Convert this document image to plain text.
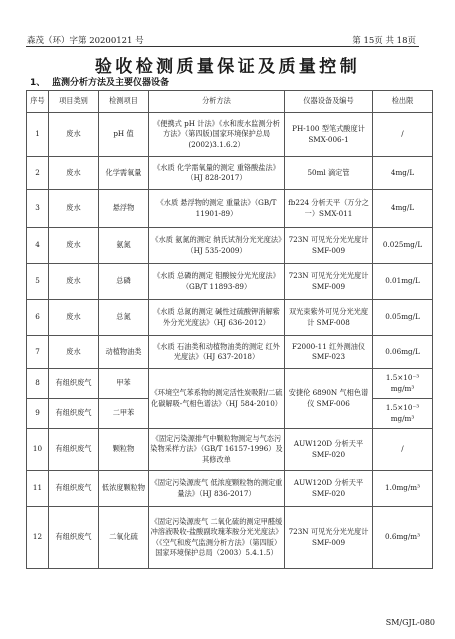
森茂（环）字第 20200121 号	第 15页 共 18页
验收检测质量保证及质量控制
1、 监测分析方法及主要仪器设备
序号	项目类别	检测项目	分析方法	仪器设备及编号	检出限
1	废水	pH 值	《便携式 pH 计法》《水和废水监测分析方法》（第四版)国家环境保护总局(2002)3.1.6.2）	PH-100 型笔式酸度计 SMX-006-1	/
2	废水	化学需氧量	《水质 化学需氧量的测定 重铬酸盐法》（HJ 828-2017）	50ml 滴定管	4mg/L
3	废水	悬浮物	《水质 悬浮物的测定 重量法》（GB/T 11901-89）	fb224 分析天平（万分之一）SMX-011	4mg/L
4	废水	氨氮	《水质 氨氮的测定 纳氏试剂分光光度法》（HJ 535-2009）	723N 可见光分光光度计 SMF-009	0.025mg/L
5	废水	总磷	《水质 总磷的测定 钼酸铵分光光度法》（GB/T 11893-89）	723N 可见光分光光度计 SMF-009	0.01mg/L
6	废水	总氮	《水质 总氮的测定 碱性过硫酸钾消解紫外分光光度法》（HJ 636-2012）	双光束紫外可见分光光度计 SMF-008	0.05mg/L
7	废水	动植物油类	《水质 石油类和动植物油类的测定 红外光度法》（HJ 637-2018）	F2000-11 红外测油仪 SMF-023	0.06mg/L
8	有组织废气	甲苯	《环境空气苯系物的测定活性炭吸附/二硫化碳解吸-气相色谱法》（HJ 584-2010）	安捷伦 6890N 气相色谱仪 SMF-006	1.5×10⁻³ mg/m³
9	有组织废气	二甲苯			1.5×10⁻³ mg/m³
10	有组织废气	颗粒物	《固定污染源排气中颗粒物测定与气态污染物采样方法》（GB/T 16157-1996）及其修改单	AUW120D 分析天平 SMF-020	/
11	有组织废气	低浓度颗粒物	《固定污染源废气 低浓度颗粒物的测定重量法》（HJ 836-2017）	AUW120D 分析天平 SMF-020	1.0mg/m³
12	有组织废气	二氧化硫	《固定污染源废气 二氧化硫的测定甲醛缓冲溶液吸收-盐酸副玫瑰苯胺分光光度法》（《空气和废气监测分析方法》（第四版）国家环境保护总局（2003）5.4.1.5）	723N 可见光分光光度计 SMF-009	0.6mg/m³
SM/GJL-080
